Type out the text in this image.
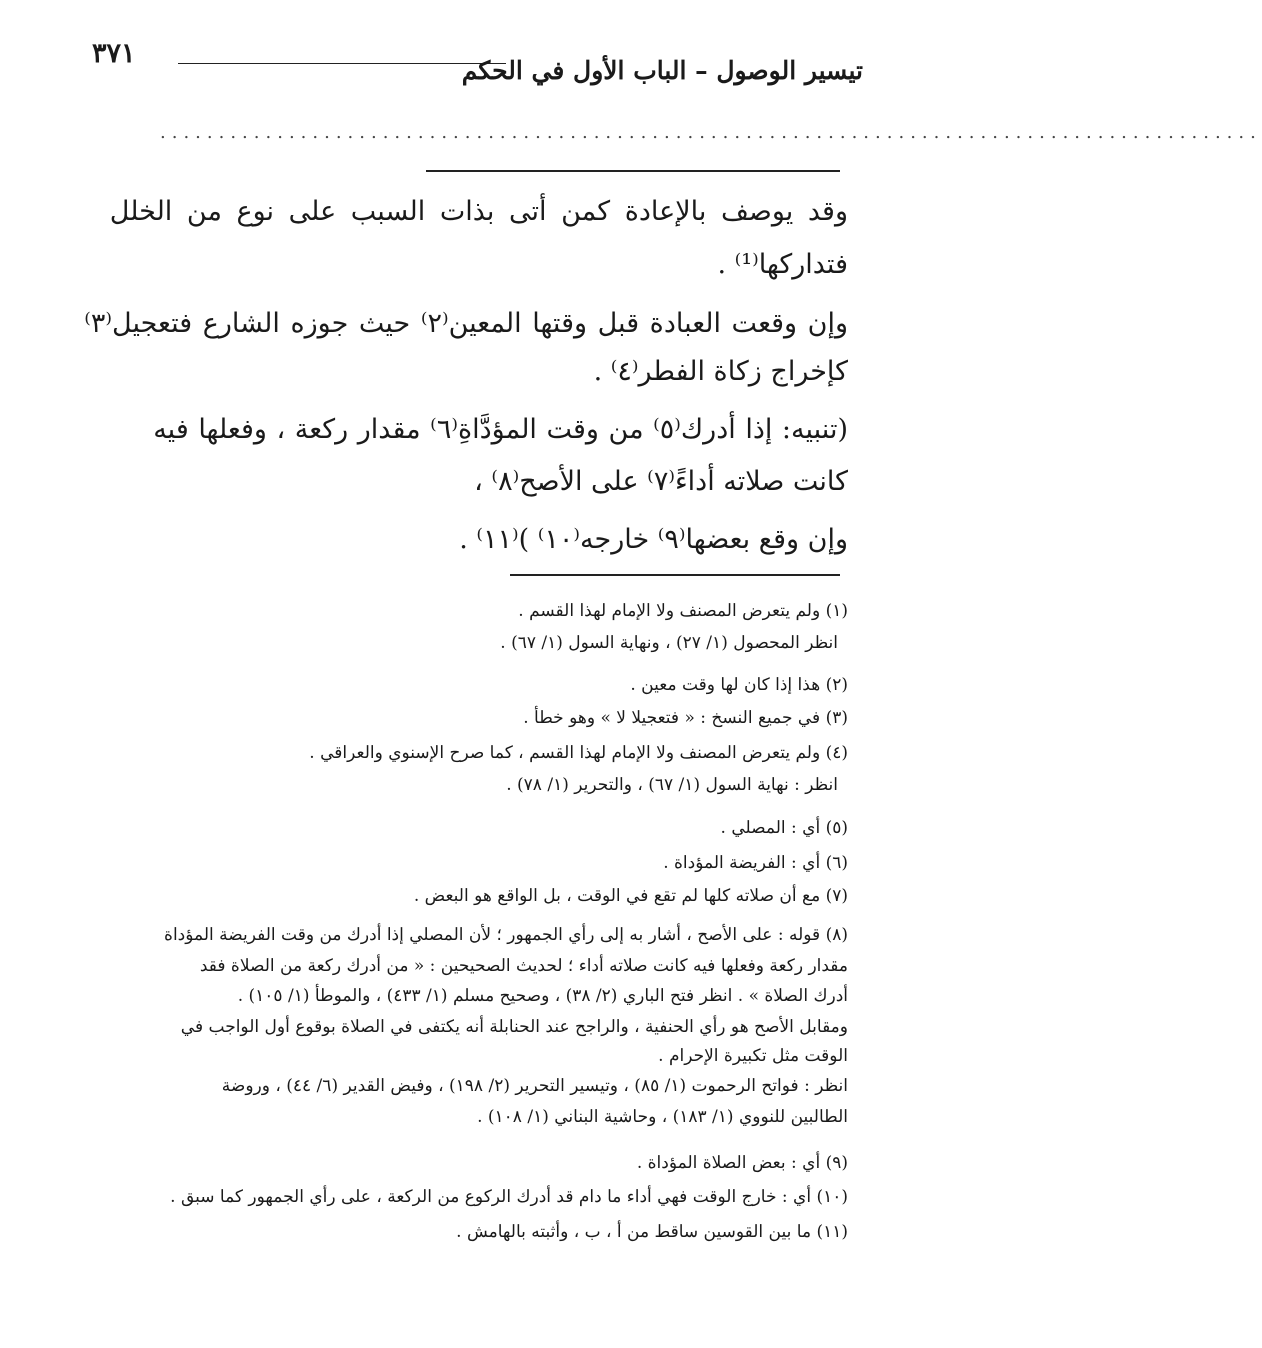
٣٧١
تيسير الوصول – الباب الأول في الحكم
..............................................................................................
وقد يوصف بالإعادة كمن أتى بذات السبب على نوع من الخلل
فتداركها⁽¹⁾ .
وإن وقعت العبادة قبل وقتها المعين⁽٢⁾ حيث جوزه الشارع فتعجيل⁽٣⁾
كإخراج زكاة الفطر⁽٤⁾ .
(تنبيه: إذا أدرك⁽٥⁾ من وقت المؤدَّاةِ⁽٦⁾ مقدار ركعة ، وفعلها فيه
كانت صلاته أداءً⁽٧⁾ على الأصح⁽٨⁾ ،
وإن وقع بعضها⁽٩⁾ خارجه⁽١٠⁾ )⁽١١⁾ .
(١) ولم يتعرض المصنف ولا الإمام لهذا القسم .
انظر المحصول (١/ ٢٧) ، ونهاية السول (١/ ٦٧) .
(٢) هذا إذا كان لها وقت معين .
(٣) في جميع النسخ : « فتعجيلا لا » وهو خطأ .
(٤) ولم يتعرض المصنف ولا الإمام لهذا القسم ، كما صرح الإسنوي والعراقي .
انظر : نهاية السول (١/ ٦٧) ، والتحرير (١/ ٧٨) .
(٥) أي : المصلي .
(٦) أي : الفريضة المؤداة .
(٧) مع أن صلاته كلها لم تقع في الوقت ، بل الواقع هو البعض .
(٨) قوله : على الأصح ، أشار به إلى رأي الجمهور ؛ لأن المصلي إذا أدرك من وقت الفريضة المؤداة
مقدار ركعة وفعلها فيه كانت صلاته أداء ؛ لحديث الصحيحين : « من أدرك ركعة من الصلاة فقد
أدرك الصلاة » . انظر فتح الباري (٢/ ٣٨) ، وصحيح مسلم (١/ ٤٣٣) ، والموطأ (١/ ١٠٥) .
ومقابل الأصح هو رأي الحنفية ، والراجح عند الحنابلة أنه يكتفى في الصلاة بوقوع أول الواجب في
الوقت مثل تكبيرة الإحرام .
انظر : فواتح الرحموت (١/ ٨٥) ، وتيسير التحرير (٢/ ١٩٨) ، وفيض القدير (٦/ ٤٤) ، وروضة
الطالبين للنووي (١/ ١٨٣) ، وحاشية البناني (١/ ١٠٨) .
(٩) أي : بعض الصلاة المؤداة .
(١٠) أي : خارج الوقت فهي أداء ما دام قد أدرك الركوع من الركعة ، على رأي الجمهور كما سبق .
(١١) ما بين القوسين ساقط من أ ، ب ، وأثبته بالهامش .
